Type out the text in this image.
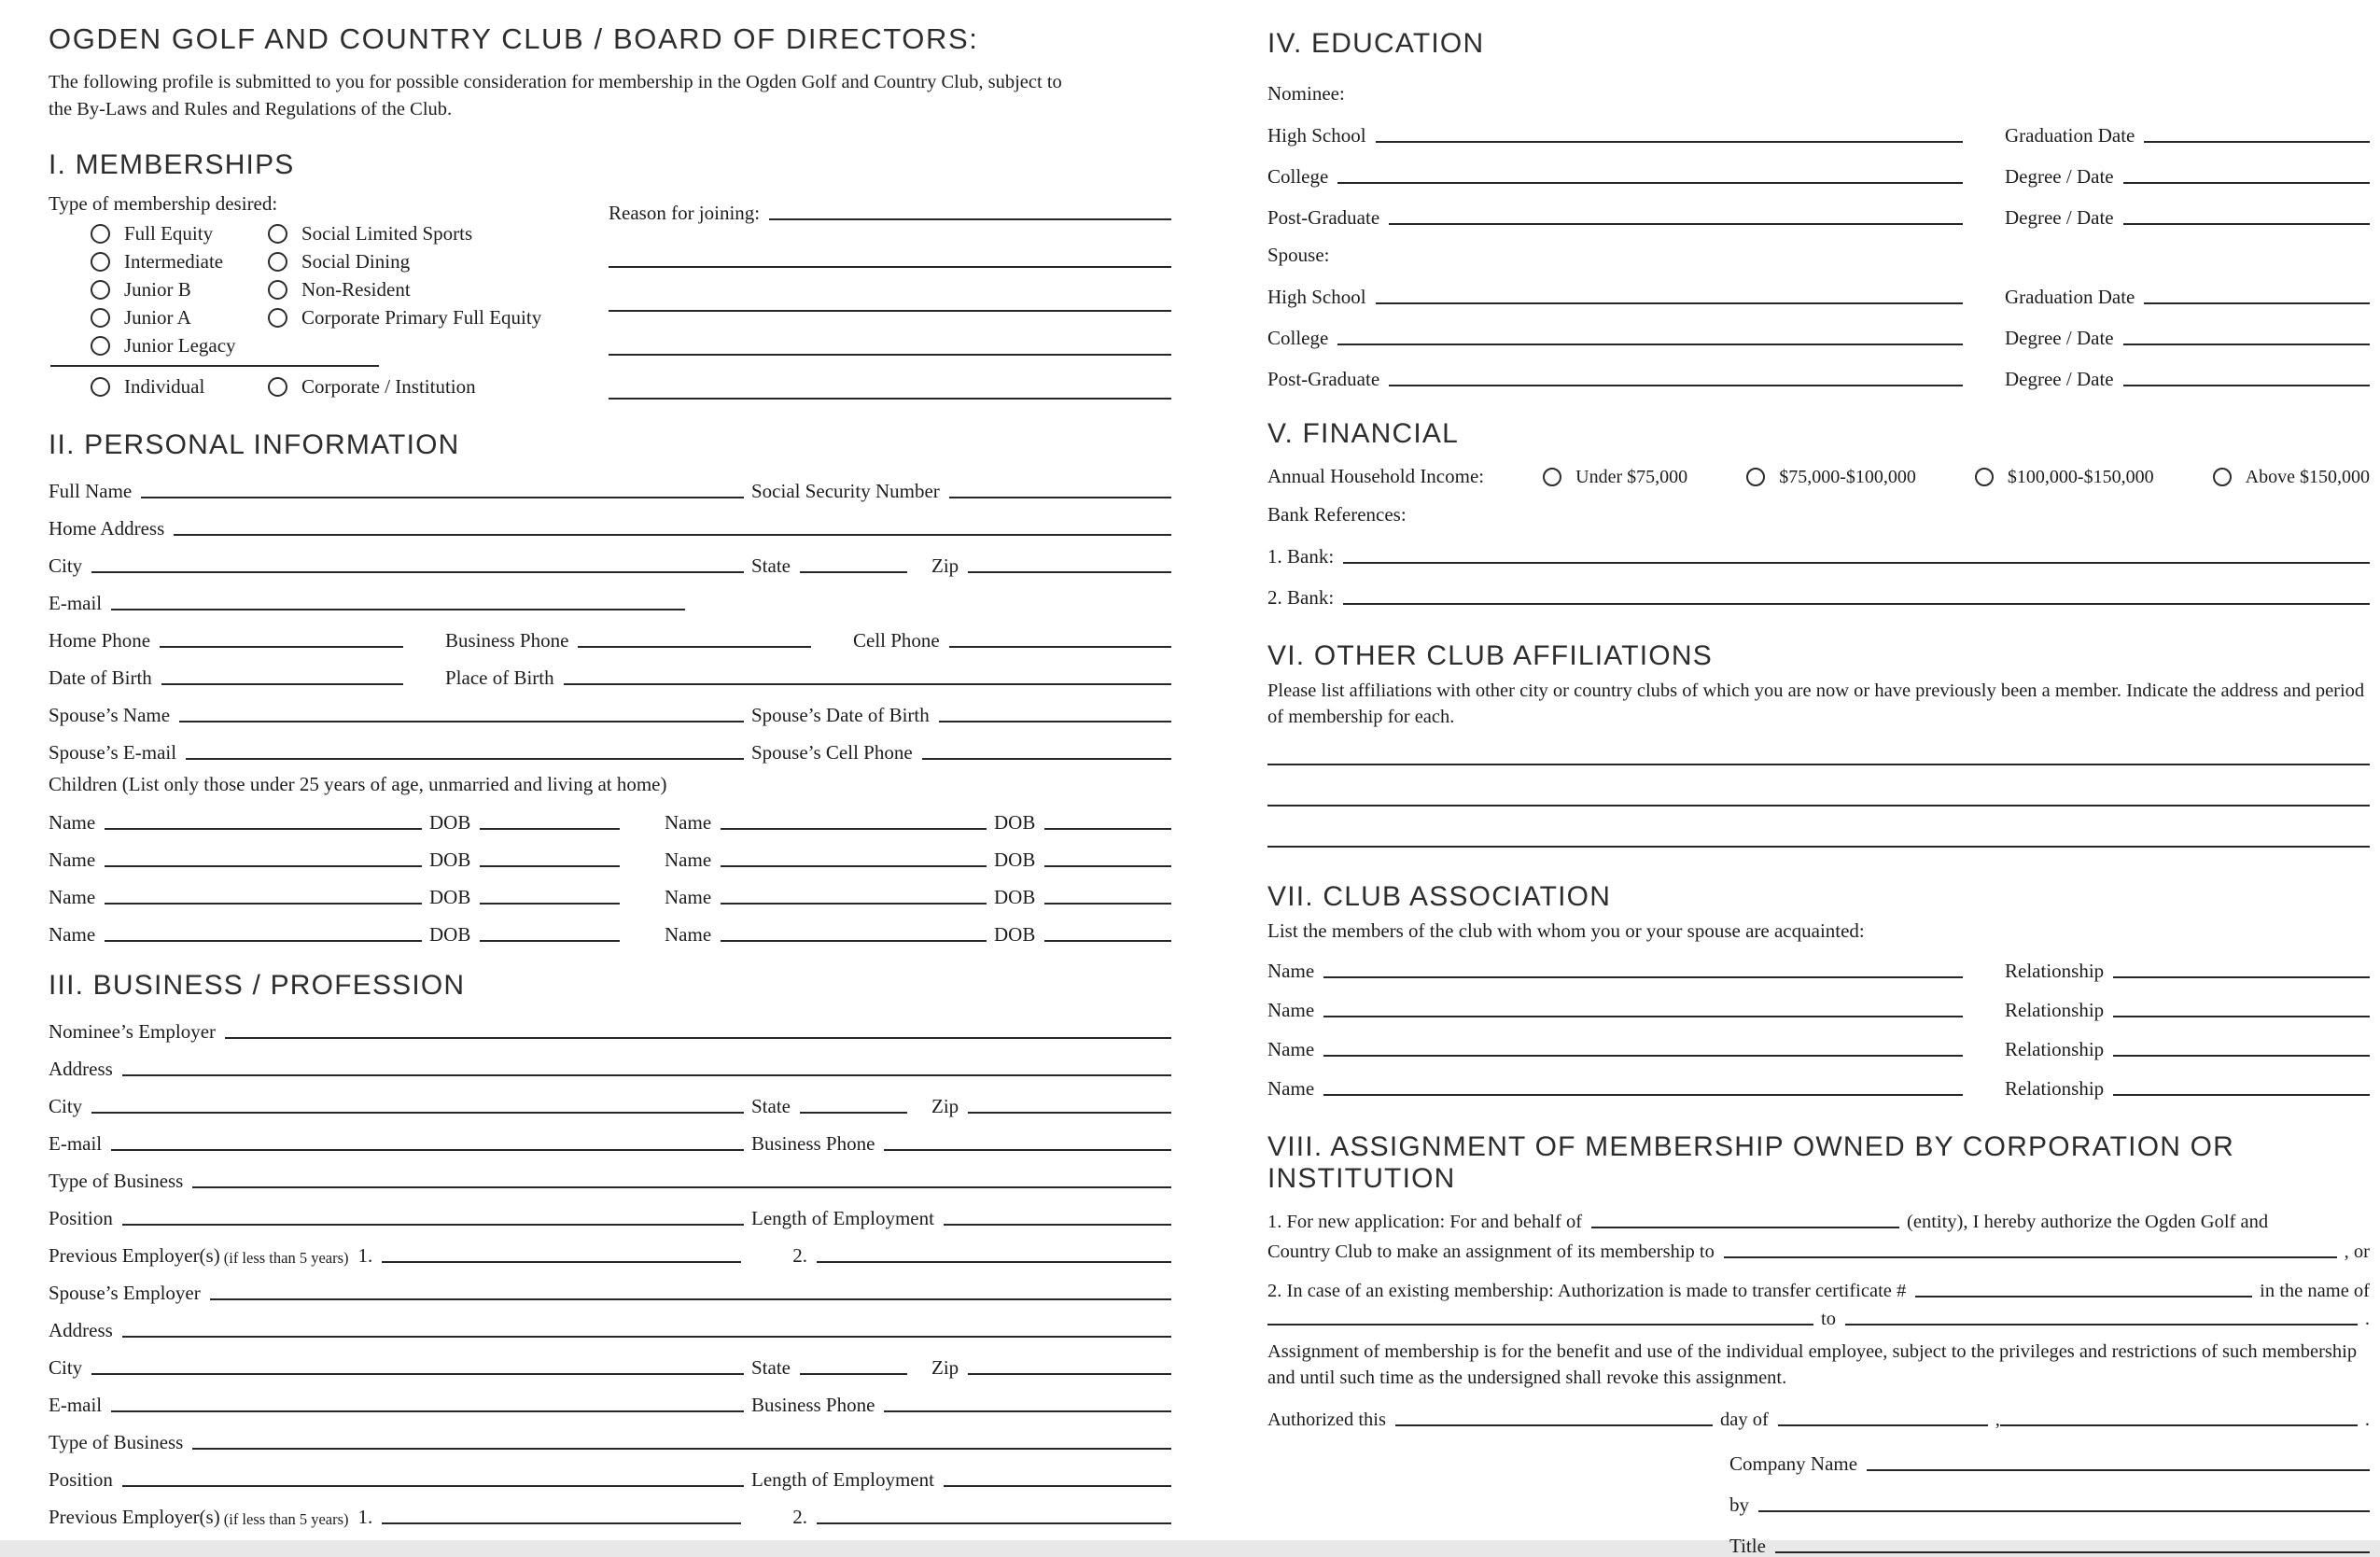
OGDEN GOLF AND COUNTRY CLUB / BOARD OF DIRECTORS:

The following profile is submitted to you for possible consideration for membership in the Ogden Golf and Country Club, subject to the By-Laws and Rules and Regulations of the Club.

I. MEMBERSHIPS
Type of membership desired:
Full Equity	Social Limited Sports
Intermediate	Social Dining
Junior B	Non-Resident
Junior A	Corporate Primary Full Equity
Junior Legacy
Individual	Corporate / Institution
Reason for joining:
II. PERSONAL INFORMATION
Full Name	Social Security Number
Home Address
City	State	Zip
E-mail
Home Phone	Business Phone	Cell Phone
Date of Birth	Place of Birth
Spouse’s Name	Spouse’s Date of Birth
Spouse’s E-mail	Spouse’s Cell Phone
Children (List only those under 25 years of age, unmarried and living at home)
Name	DOB	Name	DOB
Name	DOB	Name	DOB
Name	DOB	Name	DOB
Name	DOB	Name	DOB
III. BUSINESS / PROFESSION
Nominee’s Employer
Address
City	State	Zip
E-mail	Business Phone
Type of Business
Position	Length of Employment
Previous Employer(s) (if less than 5 years) 1.	2.
Spouse’s Employer
Address
City	State	Zip
E-mail	Business Phone
Type of Business
Position	Length of Employment
Previous Employer(s) (if less than 5 years) 1.	2.
IV. EDUCATION
Nominee:
High School	Graduation Date
College	Degree / Date
Post-Graduate	Degree / Date
Spouse:
High School	Graduation Date
College	Degree / Date
Post-Graduate	Degree / Date
V. FINANCIAL
Annual Household Income:	Under $75,000	$75,000-$100,000	$100,000-$150,000	Above $150,000
Bank References:
1. Bank:
2. Bank:
VI. OTHER CLUB AFFILIATIONS

Please list affiliations with other city or country clubs of which you are now or have previously been a member. Indicate the address and period of membership for each.

VII. CLUB ASSOCIATION

List the members of the club with whom you or your spouse are acquainted:

Name	Relationship
Name	Relationship
Name	Relationship
Name	Relationship
VIII. ASSIGNMENT OF MEMBERSHIP OWNED BY CORPORATION OR INSTITUTION
1. For new application: For and behalf of	(entity), I hereby authorize the Ogden Golf and
Country Club to make an assignment of its membership to	, or
2. In case of an existing membership: Authorization is made to transfer certificate #	in the name of
to	.

Assignment of membership is for the benefit and use of the individual employee, subject to the privileges and restrictions of such membership and until such time as the undersigned shall revoke this assignment.

Authorized this	day of	,	.
Company Name
by
Title
